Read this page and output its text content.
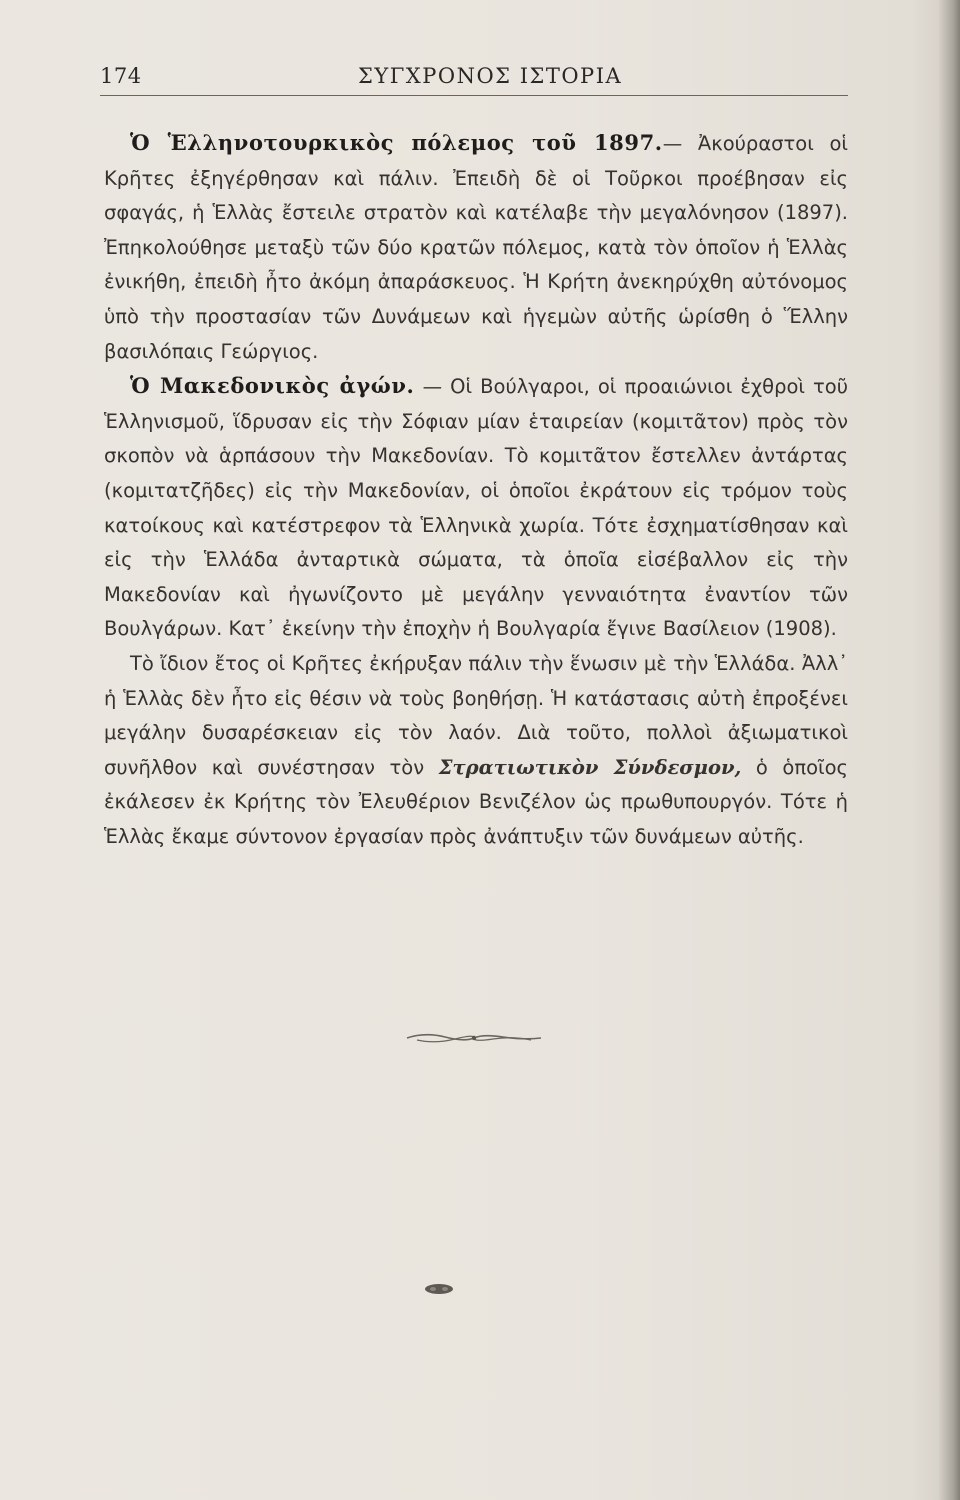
174	ΣΥΓΧΡΟΝΟΣ ΙΣΤΟΡΙΑ

Ὁ Ἑλληνοτουρκικὸς πόλεμος τοῦ 1897.— Ἀκούραστοι οἱ Κρῆτες ἐξηγέρθησαν καὶ πάλιν. Ἐπειδὴ δὲ οἱ Τοῦρκοι προέβησαν εἰς σφαγάς, ἡ Ἑλλὰς ἔστειλε στρατὸν καὶ κατέλαβε τὴν μεγαλόνησον (1897). Ἐπηκολούθησε μεταξὺ τῶν δύο κρατῶν πόλεμος, κατὰ τὸν ὁποῖον ἡ Ἑλλὰς ἐνικήθη, ἐπειδὴ ἦτο ἀκόμη ἀπαράσκευος. Ἡ Κρήτη ἀνεκηρύχθη αὐτόνομος ὑπὸ τὴν προστασίαν τῶν Δυνάμεων καὶ ἡγεμὼν αὐτῆς ὡρίσθη ὁ Ἕλλην βασιλόπαις Γεώργιος.

Ὁ Μακεδονικὸς ἀγών. — Οἱ Βούλγαροι, οἱ προαιώνιοι ἐχθροὶ τοῦ Ἑλληνισμοῦ, ἵδρυσαν εἰς τὴν Σόφιαν μίαν ἑταιρείαν (κομιτᾶτον) πρὸς τὸν σκοπὸν νὰ ἁρπάσουν τὴν Μακεδονίαν. Τὸ κομιτᾶτον ἔστελλεν ἀντάρτας (κομιτατζῆδες) εἰς τὴν Μακεδονίαν, οἱ ὁποῖοι ἐκράτουν εἰς τρόμον τοὺς κατοίκους καὶ κατέστρεφον τὰ Ἑλληνικὰ χωρία. Τότε ἐσχηματίσθησαν καὶ εἰς τὴν Ἑλλάδα ἀνταρτικὰ σώματα, τὰ ὁποῖα εἰσέβαλλον εἰς τὴν Μακεδονίαν καὶ ἠγωνίζοντο μὲ μεγάλην γενναιότητα ἐναντίον τῶν Βουλγάρων. Κατ᾽ ἐκείνην τὴν ἐποχὴν ἡ Βουλγαρία ἔγινε Βασίλειον (1908).

Τὸ ἴδιον ἔτος οἱ Κρῆτες ἐκήρυξαν πάλιν τὴν ἕνωσιν μὲ τὴν Ἑλλάδα. Ἀλλ᾽ ἡ Ἑλλὰς δὲν ἦτο εἰς θέσιν νὰ τοὺς βοηθήσῃ. Ἡ κατάστασις αὐτὴ ἐπροξένει μεγάλην δυσαρέσκειαν εἰς τὸν λαόν. Διὰ τοῦτο, πολλοὶ ἀξιωματικοὶ συνῆλθον καὶ συνέστησαν τὸν Στρατιωτικὸν Σύνδεσμον, ὁ ὁποῖος ἐκάλεσεν ἐκ Κρήτης τὸν Ἐλευθέριον Βενιζέλον ὡς πρωθυπουργόν. Τότε ἡ Ἑλλὰς ἔκαμε σύντονον ἐργασίαν πρὸς ἀνάπτυξιν τῶν δυνάμεων αὐτῆς.
